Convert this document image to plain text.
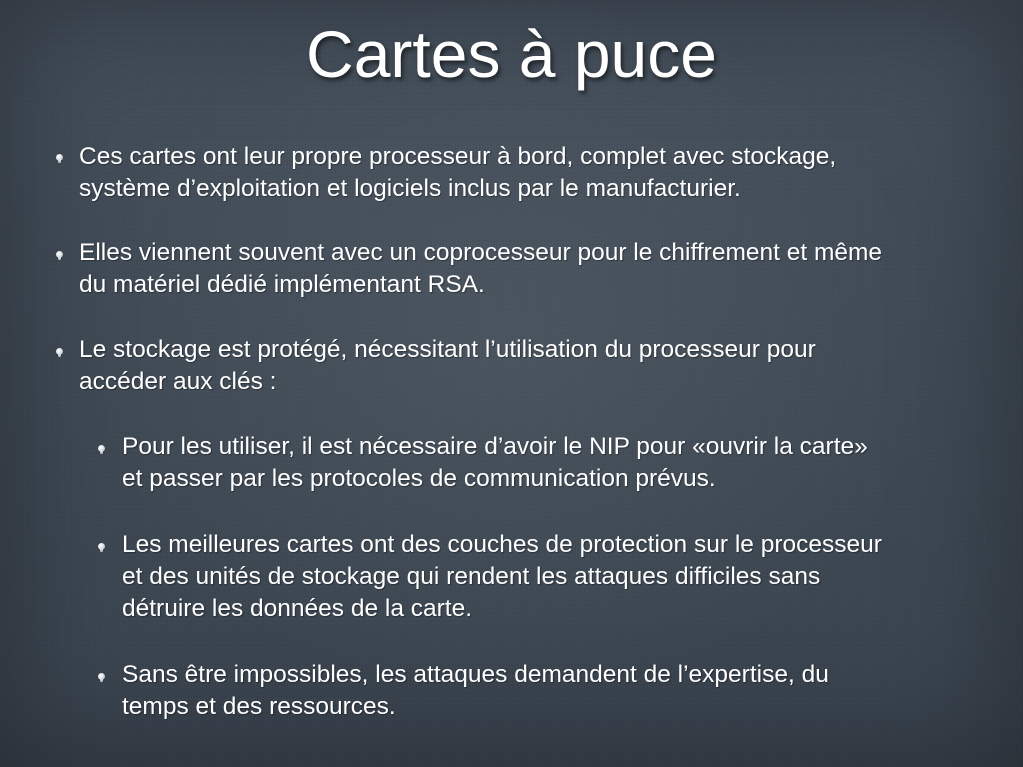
Cartes à puce
Ces cartes ont leur propre processeur à bord, complet avec stockage,
système d’exploitation et logiciels inclus par le manufacturier.
Elles viennent souvent avec un coprocesseur pour le chiffrement et même
du matériel dédié implémentant RSA.
Le stockage est protégé, nécessitant l’utilisation du processeur pour
accéder aux clés :
Pour les utiliser, il est nécessaire d’avoir le NIP pour «ouvrir la carte»
et passer par les protocoles de communication prévus.
Les meilleures cartes ont des couches de protection sur le processeur
et des unités de stockage qui rendent les attaques difficiles sans
détruire les données de la carte.
Sans être impossibles, les attaques demandent de l’expertise, du
temps et des ressources.
